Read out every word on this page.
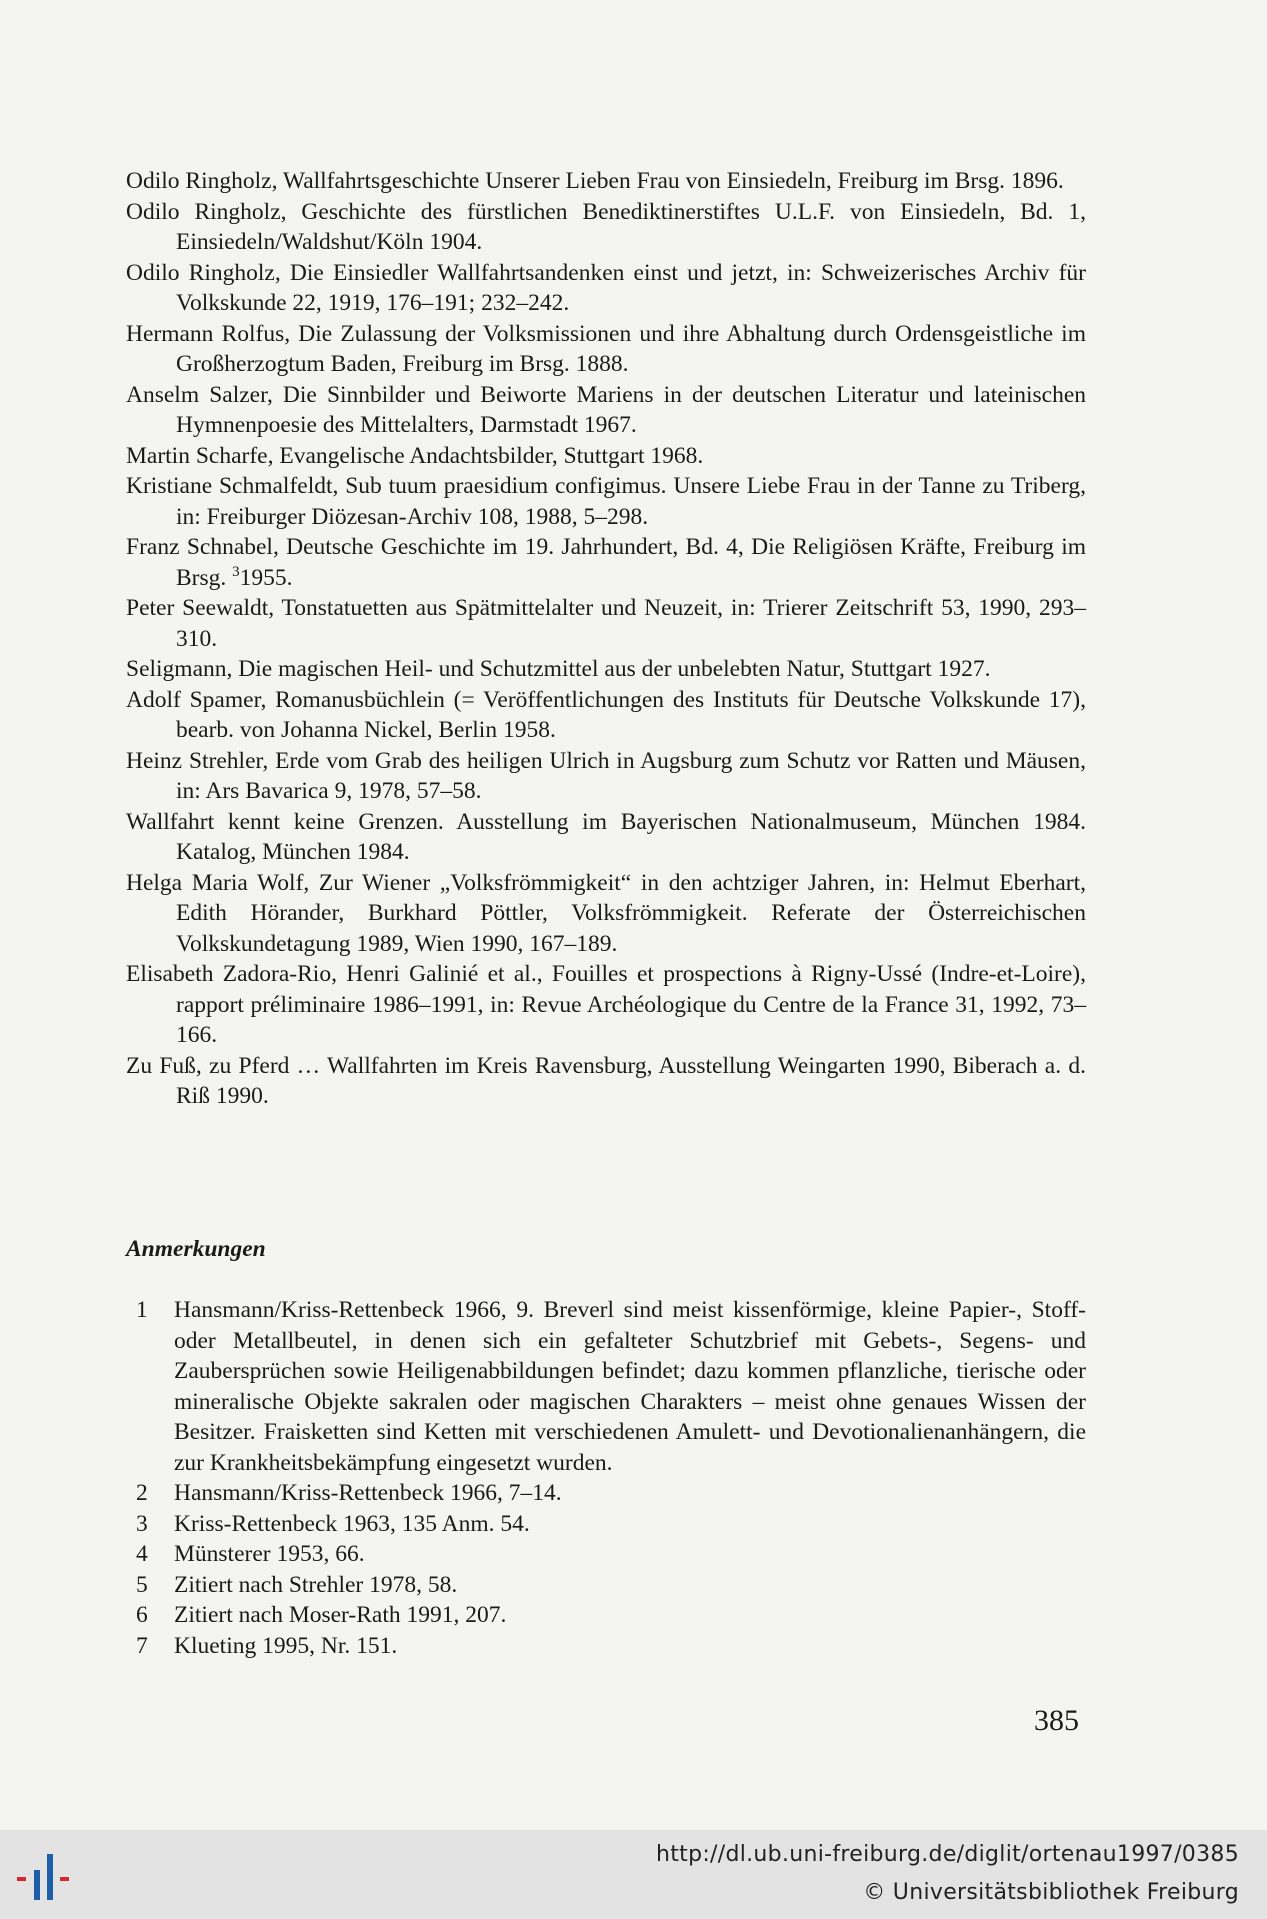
Odilo Ringholz, Wallfahrtsgeschichte Unserer Lieben Frau von Einsiedeln, Freiburg im Brsg. 1896.

Odilo Ringholz, Geschichte des fürstlichen Benediktinerstiftes U.L.F. von Einsiedeln, Bd. 1, Einsiedeln/Waldshut/Köln 1904.

Odilo Ringholz, Die Einsiedler Wallfahrtsandenken einst und jetzt, in: Schweizerisches Archiv für Volkskunde 22, 1919, 176–191; 232–242.

Hermann Rolfus, Die Zulassung der Volksmissionen und ihre Abhaltung durch Ordensgeistliche im Großherzogtum Baden, Freiburg im Brsg. 1888.

Anselm Salzer, Die Sinnbilder und Beiworte Mariens in der deutschen Literatur und lateinischen Hymnenpoesie des Mittelalters, Darmstadt 1967.

Martin Scharfe, Evangelische Andachtsbilder, Stuttgart 1968.

Kristiane Schmalfeldt, Sub tuum praesidium configimus. Unsere Liebe Frau in der Tanne zu Triberg, in: Freiburger Diözesan-Archiv 108, 1988, 5–298.

Franz Schnabel, Deutsche Geschichte im 19. Jahrhundert, Bd. 4, Die Religiösen Kräfte, Freiburg im Brsg. $^3$1955.

Peter Seewaldt, Tonstatuetten aus Spätmittelalter und Neuzeit, in: Trierer Zeitschrift 53, 1990, 293–310.

Seligmann, Die magischen Heil- und Schutzmittel aus der unbelebten Natur, Stuttgart 1927.

Adolf Spamer, Romanusbüchlein (= Veröffentlichungen des Instituts für Deutsche Volkskunde 17), bearb. von Johanna Nickel, Berlin 1958.

Heinz Strehler, Erde vom Grab des heiligen Ulrich in Augsburg zum Schutz vor Ratten und Mäusen, in: Ars Bavarica 9, 1978, 57–58.

Wallfahrt kennt keine Grenzen. Ausstellung im Bayerischen Nationalmuseum, München 1984. Katalog, München 1984.

Helga Maria Wolf, Zur Wiener „Volksfrömmigkeit“ in den achtziger Jahren, in: Helmut Eberhart, Edith Hörander, Burkhard Pöttler, Volksfrömmigkeit. Referate der Österreichischen Volkskundetagung 1989, Wien 1990, 167–189.

Elisabeth Zadora-Rio, Henri Galinié et al., Fouilles et prospections à Rigny-Ussé (Indre-et-Loire), rapport préliminaire 1986–1991, in: Revue Archéologique du Centre de la France 31, 1992, 73–166.

Zu Fuß, zu Pferd … Wallfahrten im Kreis Ravensburg, Ausstellung Weingarten 1990, Biberach a. d. Riß 1990.

Anmerkungen
1 Hansmann/Kriss-Rettenbeck 1966, 9. Breverl sind meist kissenförmige, kleine Papier-, Stoff- oder Metallbeutel, in denen sich ein gefalteter Schutzbrief mit Gebets-, Segens- und Zaubersprüchen sowie Heiligenabbildungen befindet; dazu kommen pflanzliche, tierische oder mineralische Objekte sakralen oder magischen Charakters – meist ohne genaues Wissen der Besitzer. Fraisketten sind Ketten mit verschiedenen Amulett- und Devotionalienanhängern, die zur Krankheitsbekämpfung eingesetzt wurden.
2 Hansmann/Kriss-Rettenbeck 1966, 7–14.
3 Kriss-Rettenbeck 1963, 135 Anm. 54.
4 Münsterer 1953, 66.
5 Zitiert nach Strehler 1978, 58.
6 Zitiert nach Moser-Rath 1991, 207.
7 Klueting 1995, Nr. 151.
385
http://dl.ub.uni-freiburg.de/diglit/ortenau1997/0385
© Universitätsbibliothek Freiburg
